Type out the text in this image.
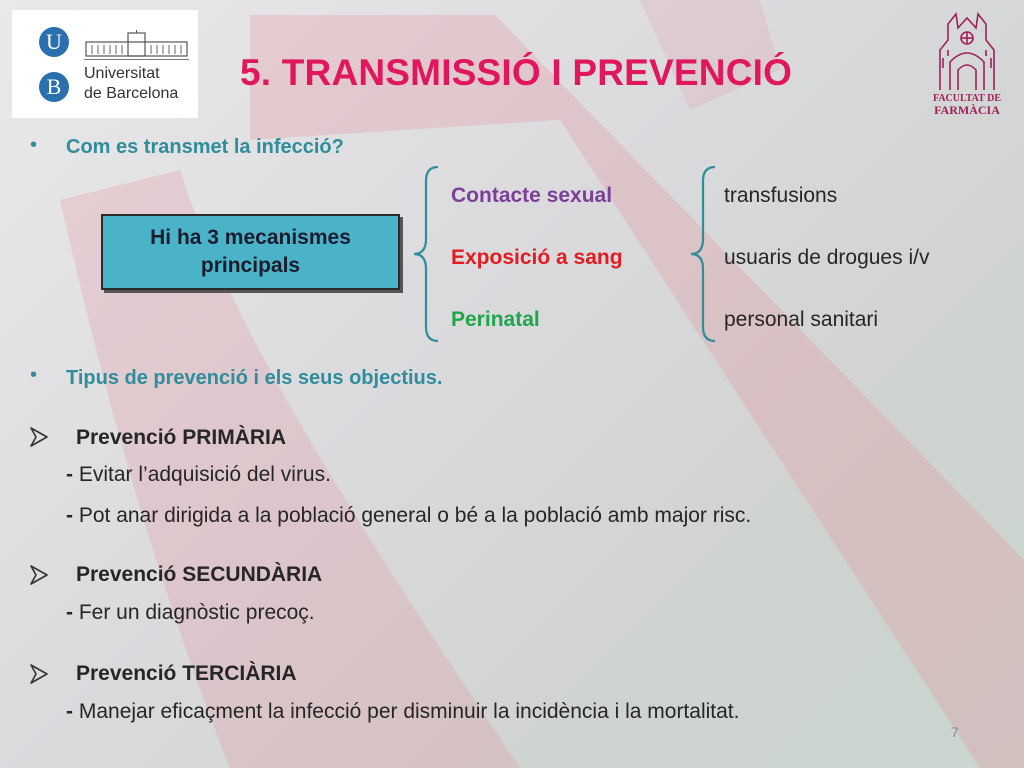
U
B
Universitat
de Barcelona
5. TRANSMISSIÓ I PREVENCIÓ
FACULTAT DE
FARMÀCIA
• Com es transmet la infecció?
Hi ha 3 mecanismes principals
Contacte sexual
Exposició a sang
Perinatal
transfusions
usuaris de drogues i/v
personal sanitari
• Tipus de prevenció i els seus objectius.
Prevenció PRIMÀRIA
- Evitar l’adquisició del virus.
- Pot anar dirigida a la població general o bé a la població amb major risc.
Prevenció SECUNDÀRIA
- Fer un diagnòstic precoç.
Prevenció TERCIÀRIA
- Manejar eficaçment la infecció per disminuir la incidència i la mortalitat.
7
